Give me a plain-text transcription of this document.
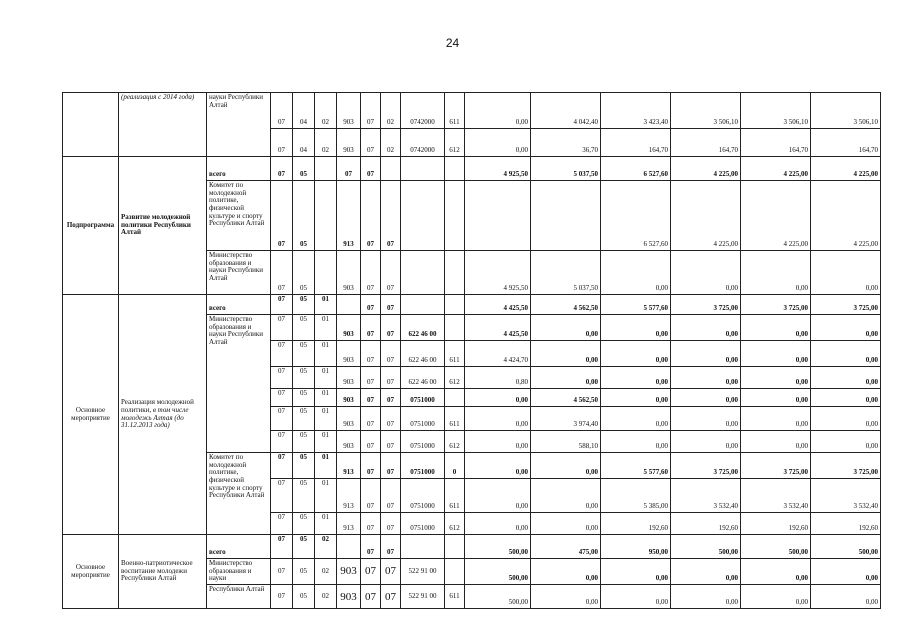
24
	(реализация с 2014 года)	науки Республики Алтай	07	04	02	903	07	02	0742000	611	0,00	4 042,40	3 423,40	3 506,10	3 506,10	3 506,10
			07	04	02	903	07	02	0742000	612	0,00	36,70	164,70	164,70	164,70	164,70
Подпрограмма	Развитие молодежной политики Республики Алтай	всего	07	05		07	07				4 925,50	5 037,50	6 527,60	4 225,00	4 225,00	4 225,00
		Комитет по молодежной политике, физической культуре и спорту Республики Алтай	07	05		913	07	07					6 527,60	4 225,00	4 225,00	4 225,00
		Министерство образования и науки Республики Алтай	07	05		903	07	07			4 925,50	5 037,50	0,00	0,00	0,00	0,00
Основное мероприятие	Реализация молодежной политики, в том числе молодежь Алтая (до 31.12.2013 года)	всего	07	05	01		07	07			4 425,50	4 562,50	5 577,60	3 725,00	3 725,00	3 725,00
		Министерство образования и науки Республики Алтай	07	05	01	903	07	07	622 46 00		4 425,50	0,00	0,00	0,00	0,00	0,00
			07	05	01	903	07	07	622 46 00	611	4 424,70	0,00	0,00	0,00	0,00	0,00
			07	05	01	903	07	07	622 46 00	612	0,80	0,00	0,00	0,00	0,00	0,00
			07	05	01	903	07	07	0751000		0,00	4 562,50	0,00	0,00	0,00	0,00
			07	05	01	903	07	07	0751000	611	0,00	3 974,40	0,00	0,00	0,00	0,00
			07	05	01	903	07	07	0751000	612	0,00	588,10	0,00	0,00	0,00	0,00
		Комитет по молодежной политике, физической культуре и спорту Республики Алтай	07	05	01	913	07	07	0751000	0	0,00	0,00	5 577,60	3 725,00	3 725,00	3 725,00
			07	05	01	913	07	07	0751000	611	0,00	0,00	5 385,00	3 532,40	3 532,40	3 532,40
			07	05	01	913	07	07	0751000	612	0,00	0,00	192,60	192,60	192,60	192,60
Основное мероприятие	Военно-патриотическое воспитание молодежи Республики Алтай	всего	07	05	02		07	07			500,00	475,00	950,00	500,00	500,00	500,00
		Министерство образования и науки	07	05	02	903	07	07	522 91 00		500,00	0,00	0,00	0,00	0,00	0,00
		Республики Алтай	07	05	02	903	07	07	522 91 00	611	500,00	0,00	0,00	0,00	0,00	0,00
